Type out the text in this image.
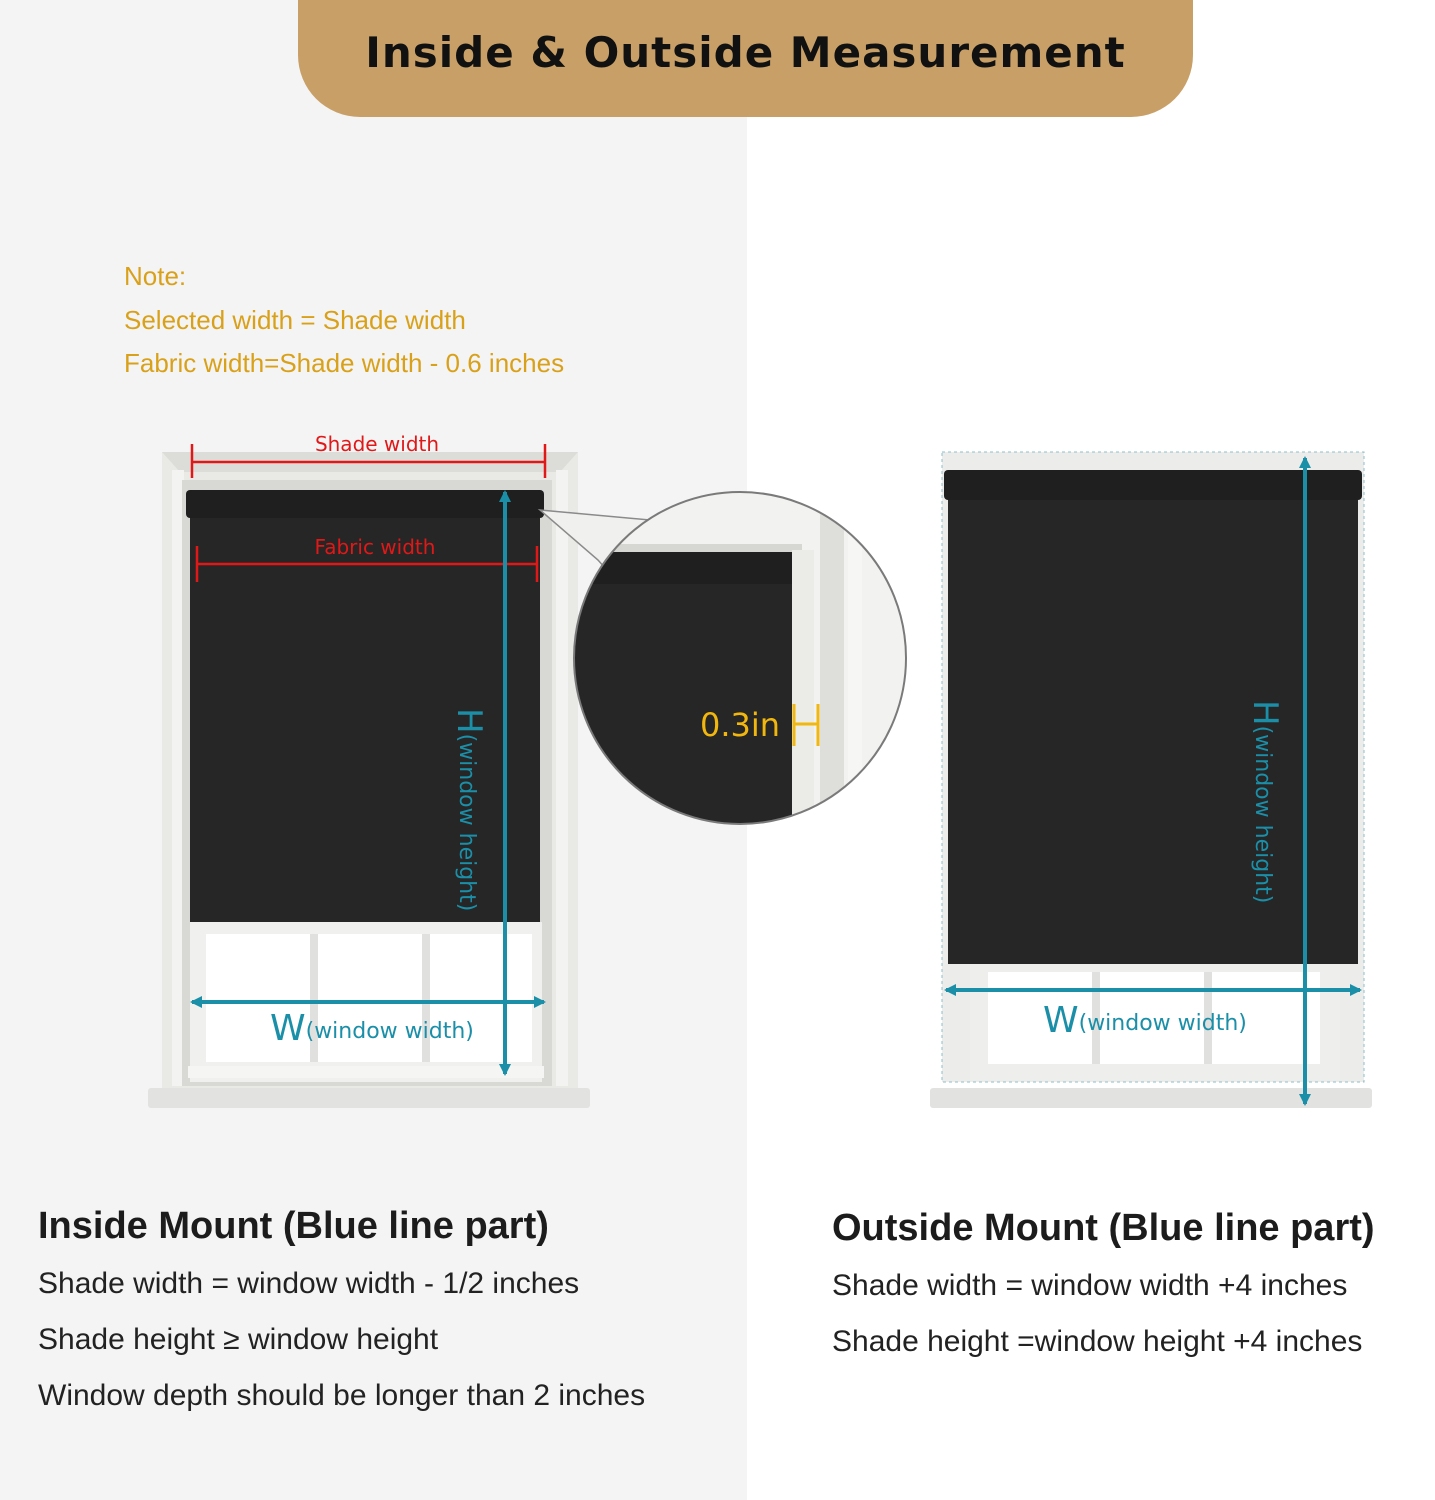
Inside & Outside Measurement
Note:
Selected width = Shade width
Fabric width=Shade width - 0.6 inches
Shade width
Fabric width
H(window height)
W(window width)
0.3in	H(window height)
W(window width)
Inside Mount (Blue line part)
Shade width = window width - 1/2 inches
Shade height ≥ window height
Window depth should be longer than 2 inches
Outside Mount (Blue line part)
Shade width = window width +4 inches
Shade height =window height +4 inches
